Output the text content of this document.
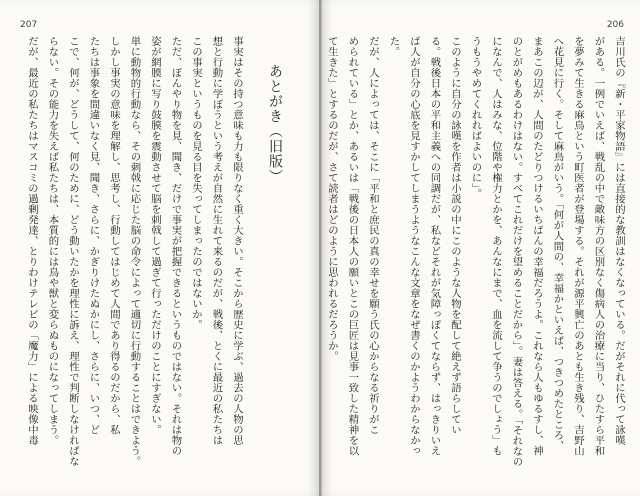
206
吉川氏の『新・平家物語』には直接的な教訓はなくなっている。だがそれに代って詠嘆
がある。一例でいえば、戦乱の中で敵味方の区別なく傷病人の治療に当り、ひたすら平和
を夢みて生きる麻鳥という町医者が登場する。それが源平興亡のあとも生き残り、吉野山
へ花見に行く。そして麻鳥がいう。「何が人間の、幸福かといえば、つきつめたところ、
まあこの辺が、人間のたどりつけるいちばんの幸福だろうよ。これなら人もゆるすし、神
のとがめもあるわけはない。すべてこれだけを望めることだから」。妻は答える。「それなの
になんで、人はみな、位階や権力とかを、あんなにまで、血を流して争うのでしょう」も
うもうやめてくれればよいのに」。
このように自分の詠嘆を作者は小説の中にこのような人物を配して絶えず語らしてい
る。戦後日本の平和主義への同調だが、私などそれが気障っぽくてならず、はっきりいえ
ば人が自分の心底を見すかしてしまうようなこんな文章をなぜ書くのかようわからなかった。
だが、人によっては、そこに「平和と庶民の真の幸せを願う氏の心からなる祈りがこ
められている」とか、あるいは「戦後の日本人の願いとこの巨匠は見事一致した精神を以
て生きた」とするのだが、さて読者はどのように思われるだろうか。
207
あとがき（旧版）
事実はその持つ意味も力も限りなく重く大きい。そこから歴史に学ぶ、過去の人物の思
想と行動に学ぼうという考えが自然に生れて来るのだが、戦後、とくに最近の私たちは
この事実というものを見る目を失ってしまったのではないか。
ただ、ぼんやり物を見、聞き、だけで事実が把握できるというものではない。それは物の
姿が網膜に写り鼓膜を震動させて脳を刺戟して過ぎて行っただけのことにすぎない。
単に動物的行動なら、その刺戟に応じた脳の命令によって適切に行動することはできよう。
しかし事実の意味を理解し、思考し、行動してはじめて人間であり得るのだから、私
たちは事象を間違いなく見、聞き、さらに、かぎりけたぬかにし、さらに、いつ、ど
こで、何が、どうして、何のために、どう動いたかを理性に訴え、理性で判断しなければな
らない。その能力を失えば私たちは、本質的には鳥や獣と変らぬものになってしまう。
だが、最近の私たちはマスコミの過剰発達、とりわけテレビの「魔力」による映像中毒
